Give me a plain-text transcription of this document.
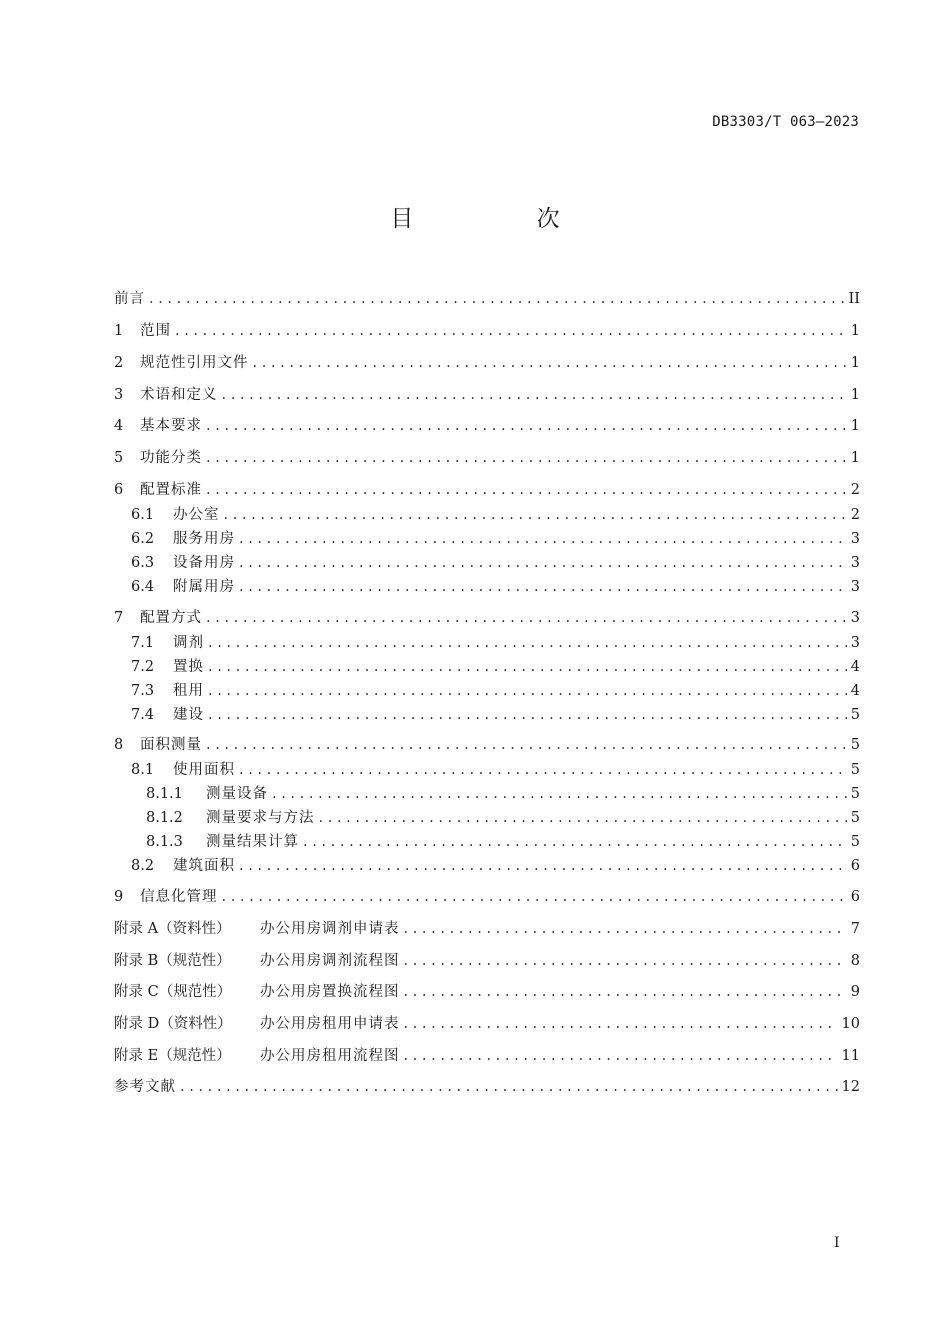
DB3303/T 063—2023
目 次
前言 . . .	II
1	范围 . . .	1
2	规范性引用文件 . . .	1
3	术语和定义 . . .	1
4	基本要求 . . .	1
5	功能分类 . . .	1
6	配置标准 . . .	2
6.1	办公室 . . .	2
6.2	服务用房 . . .	3
6.3	设备用房 . . .	3
6.4	附属用房 . . .	3
7	配置方式 . . .	3
7.1	调剂 . . .	3
7.2	置换 . . .	4
7.3	租用 . . .	4
7.4	建设 . . .	5
8	面积测量 . . .	5
8.1	使用面积 . . .	5
8.1.1	测量设备 . . .	5
8.1.2	测量要求与方法 . . .	5
8.1.3	测量结果计算 . . .	5
8.2	建筑面积 . . .	6
9	信息化管理 . . .	6
附录 A（资料性）	办公用房调剂申请表 . . .	7
附录 B（规范性）	办公用房调剂流程图 . . .	8
附录 C（规范性）	办公用房置换流程图 . . .	9
附录 D（资料性）	办公用房租用申请表 . . .	10
附录 E（规范性）	办公用房租用流程图 . . .	11
参考文献 . . .	12
I
